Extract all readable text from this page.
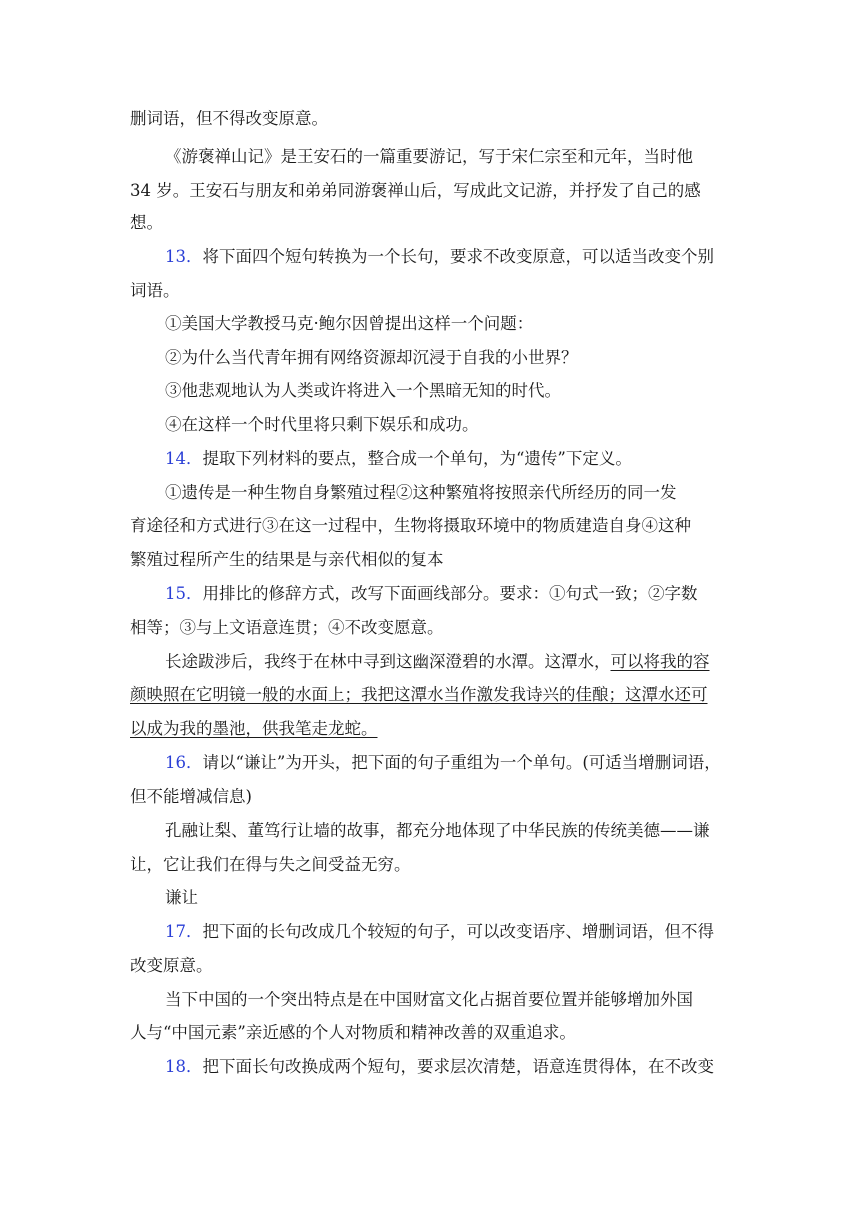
删词语，但不得改变原意。
《游褒禅山记》是王安石的一篇重要游记，写于宋仁宗至和元年，当时他
34 岁。王安石与朋友和弟弟同游褒禅山后，写成此文记游，并抒发了自己的感
想。
13．将下面四个短句转换为一个长句，要求不改变原意，可以适当改变个别
词语。
①美国大学教授马克·鲍尔因曾提出这样一个问题：
②为什么当代青年拥有网络资源却沉浸于自我的小世界？
③他悲观地认为人类或许将进入一个黑暗无知的时代。
④在这样一个时代里将只剩下娱乐和成功。
14．提取下列材料的要点，整合成一个单句，为“遗传”下定义。
①遗传是一种生物自身繁殖过程②这种繁殖将按照亲代所经历的同一发
育途径和方式进行③在这一过程中，生物将摄取环境中的物质建造自身④这种
繁殖过程所产生的结果是与亲代相似的复本
15．用排比的修辞方式，改写下面画线部分。要求：①句式一致；②字数
相等；③与上文语意连贯；④不改变愿意。
长途跋涉后，我终于在林中寻到这幽深澄碧的水潭。这潭水，可以将我的容
颜映照在它明镜一般的水面上；我把这潭水当作激发我诗兴的佳酿；这潭水还可
以成为我的墨池，供我笔走龙蛇。
16．请以“谦让”为开头，把下面的句子重组为一个单句。(可适当增删词语，
但不能增减信息)
孔融让梨、董笃行让墙的故事，都充分地体现了中华民族的传统美德——谦
让，它让我们在得与失之间受益无穷。
谦让
17．把下面的长句改成几个较短的句子，可以改变语序、增删词语，但不得
改变原意。
当下中国的一个突出特点是在中国财富文化占据首要位置并能够增加外国
人与“中国元素”亲近感的个人对物质和精神改善的双重追求。
18．把下面长句改换成两个短句，要求层次清楚，语意连贯得体，在不改变
